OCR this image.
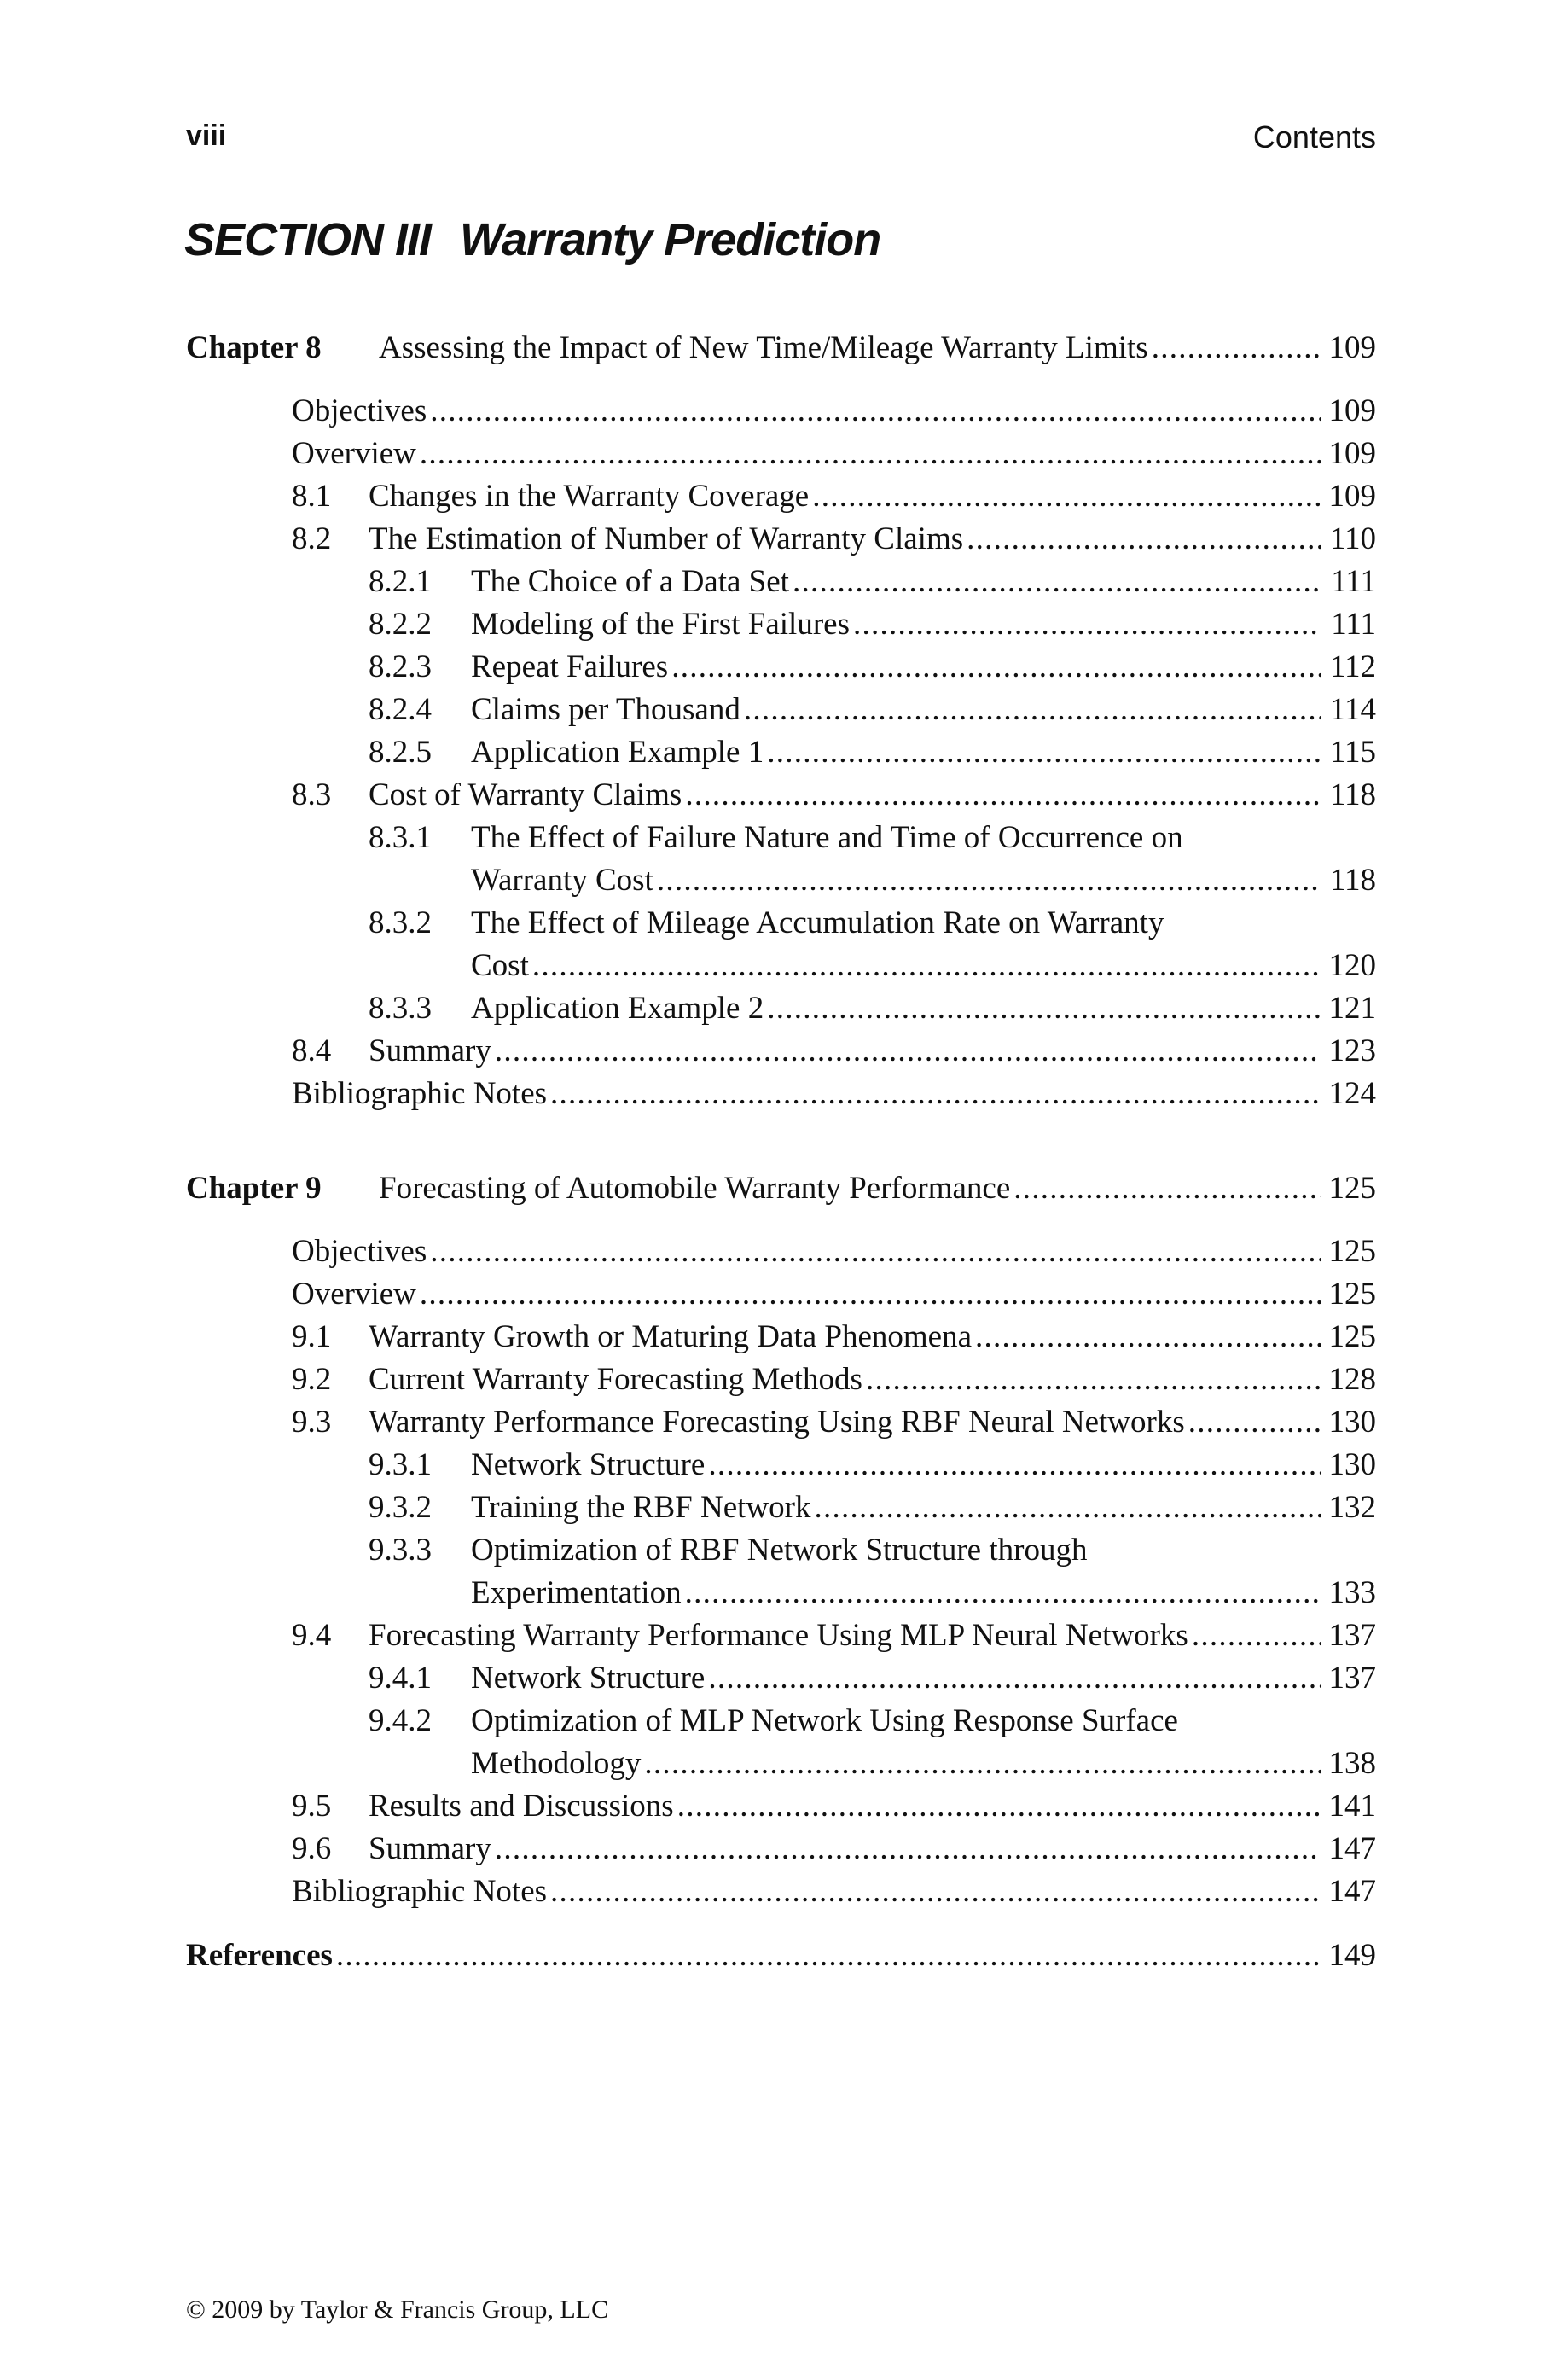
viii	Contents
SECTION III Warranty Prediction
Chapter 8	Assessing the Impact of New Time/Mileage Warranty Limits . . .	109
Objectives . . .	109
Overview . . .	109
8.1	Changes in the Warranty Coverage . . .	109
8.2	The Estimation of Number of Warranty Claims . . .	110
8.2.1	The Choice of a Data Set . . .	111
8.2.2	Modeling of the First Failures . . .	111
8.2.3	Repeat Failures . . .	112
8.2.4	Claims per Thousand . . .	114
8.2.5	Application Example 1 . . .	115
8.3	Cost of Warranty Claims . . .	118
8.3.1	The Effect of Failure Nature and Time of Occurrence on
Warranty Cost . . .	118
8.3.2	The Effect of Mileage Accumulation Rate on Warranty
Cost . . .	120
8.3.3	Application Example 2 . . .	121
8.4	Summary . . .	123
Bibliographic Notes . . .	124
Chapter 9	Forecasting of Automobile Warranty Performance . . .	125
Objectives . . .	125
Overview . . .	125
9.1	Warranty Growth or Maturing Data Phenomena . . .	125
9.2	Current Warranty Forecasting Methods . . .	128
9.3	Warranty Performance Forecasting Using RBF Neural Networks . . .	130
9.3.1	Network Structure . . .	130
9.3.2	Training the RBF Network . . .	132
9.3.3	Optimization of RBF Network Structure through
Experimentation . . .	133
9.4	Forecasting Warranty Performance Using MLP Neural Networks . . .	137
9.4.1	Network Structure . . .	137
9.4.2	Optimization of MLP Network Using Response Surface
Methodology . . .	138
9.5	Results and Discussions . . .	141
9.6	Summary . . .	147
Bibliographic Notes . . .	147
References . . .	149
© 2009 by Taylor & Francis Group, LLC
